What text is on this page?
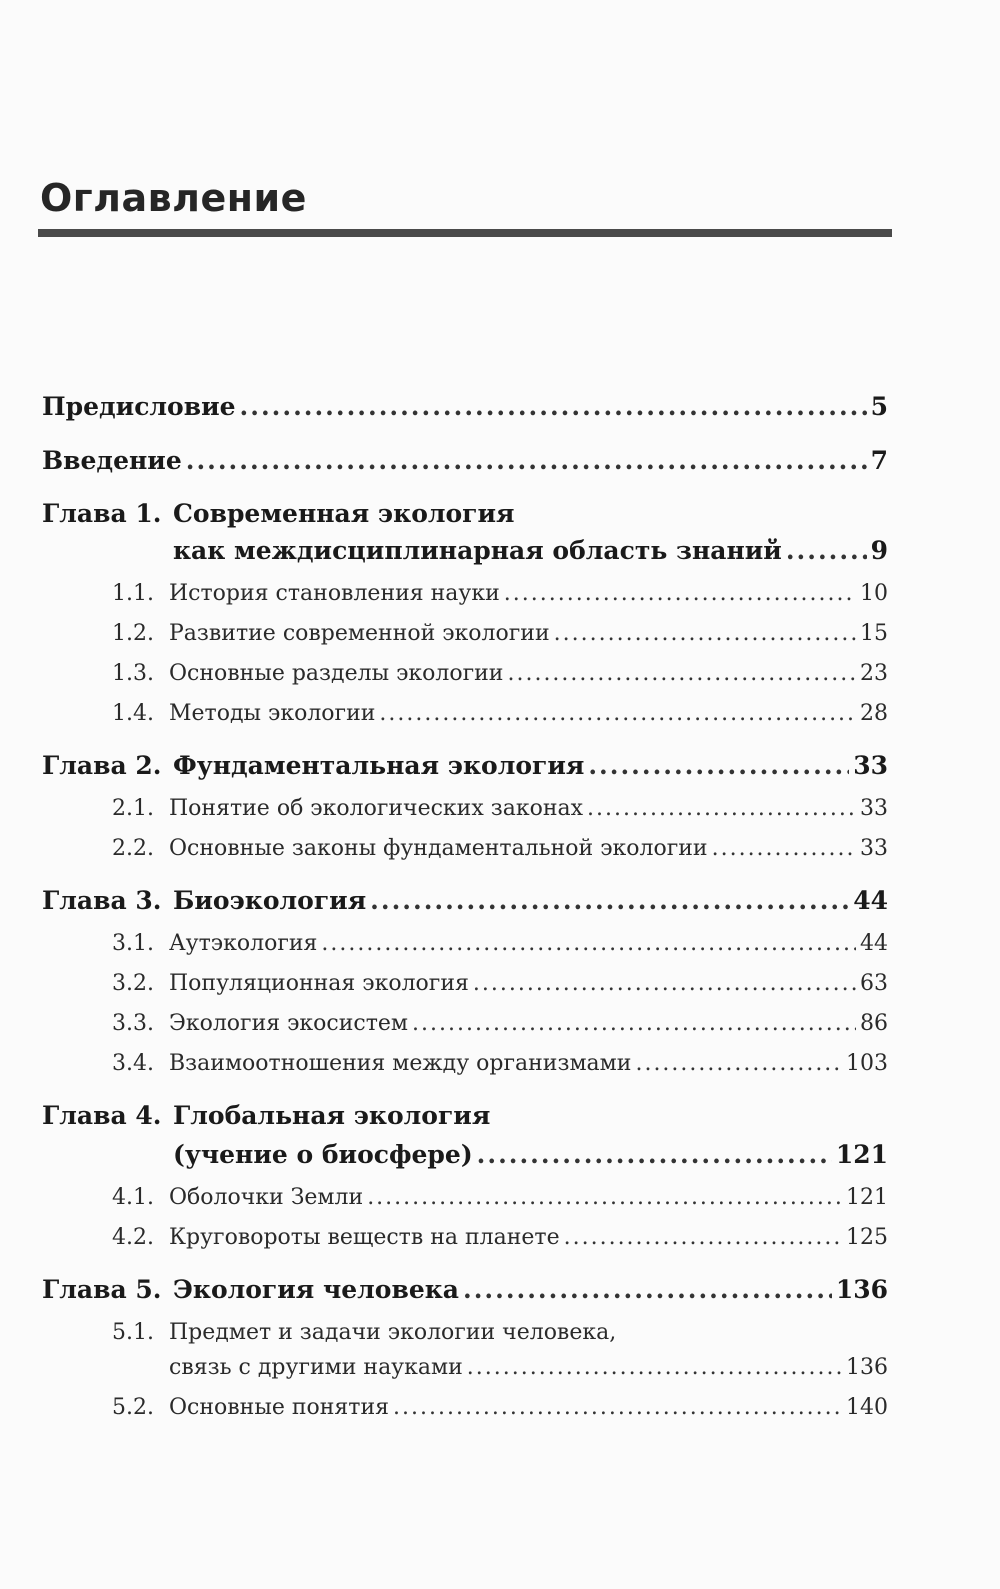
Оглавление
Предисловие .....	5
Введение .....	7
Глава 1. Современная экология
как междисциплинарная область знаний .....	9
1.1. История становления науки .....	10
1.2. Развитие современной экологии .....	15
1.3. Основные разделы экологии .....	23
1.4. Методы экологии .....	28
Глава 2. Фундаментальная экология .....	33
2.1. Понятие об экологических законах .....	33
2.2. Основные законы фундаментальной экологии .....	33
Глава 3. Биоэкология .....	44
3.1. Аутэкология .....	44
3.2. Популяционная экология .....	63
3.3. Экология экосистем .....	86
3.4. Взаимоотношения между организмами .....	103
Глава 4. Глобальная экология
(учение о биосфере) .....	121
4.1. Оболочки Земли .....	121
4.2. Круговороты веществ на планете .....	125
Глава 5. Экология человека .....	136
5.1. Предмет и задачи экологии человека,
связь с другими науками .....	136
5.2. Основные понятия .....	140
